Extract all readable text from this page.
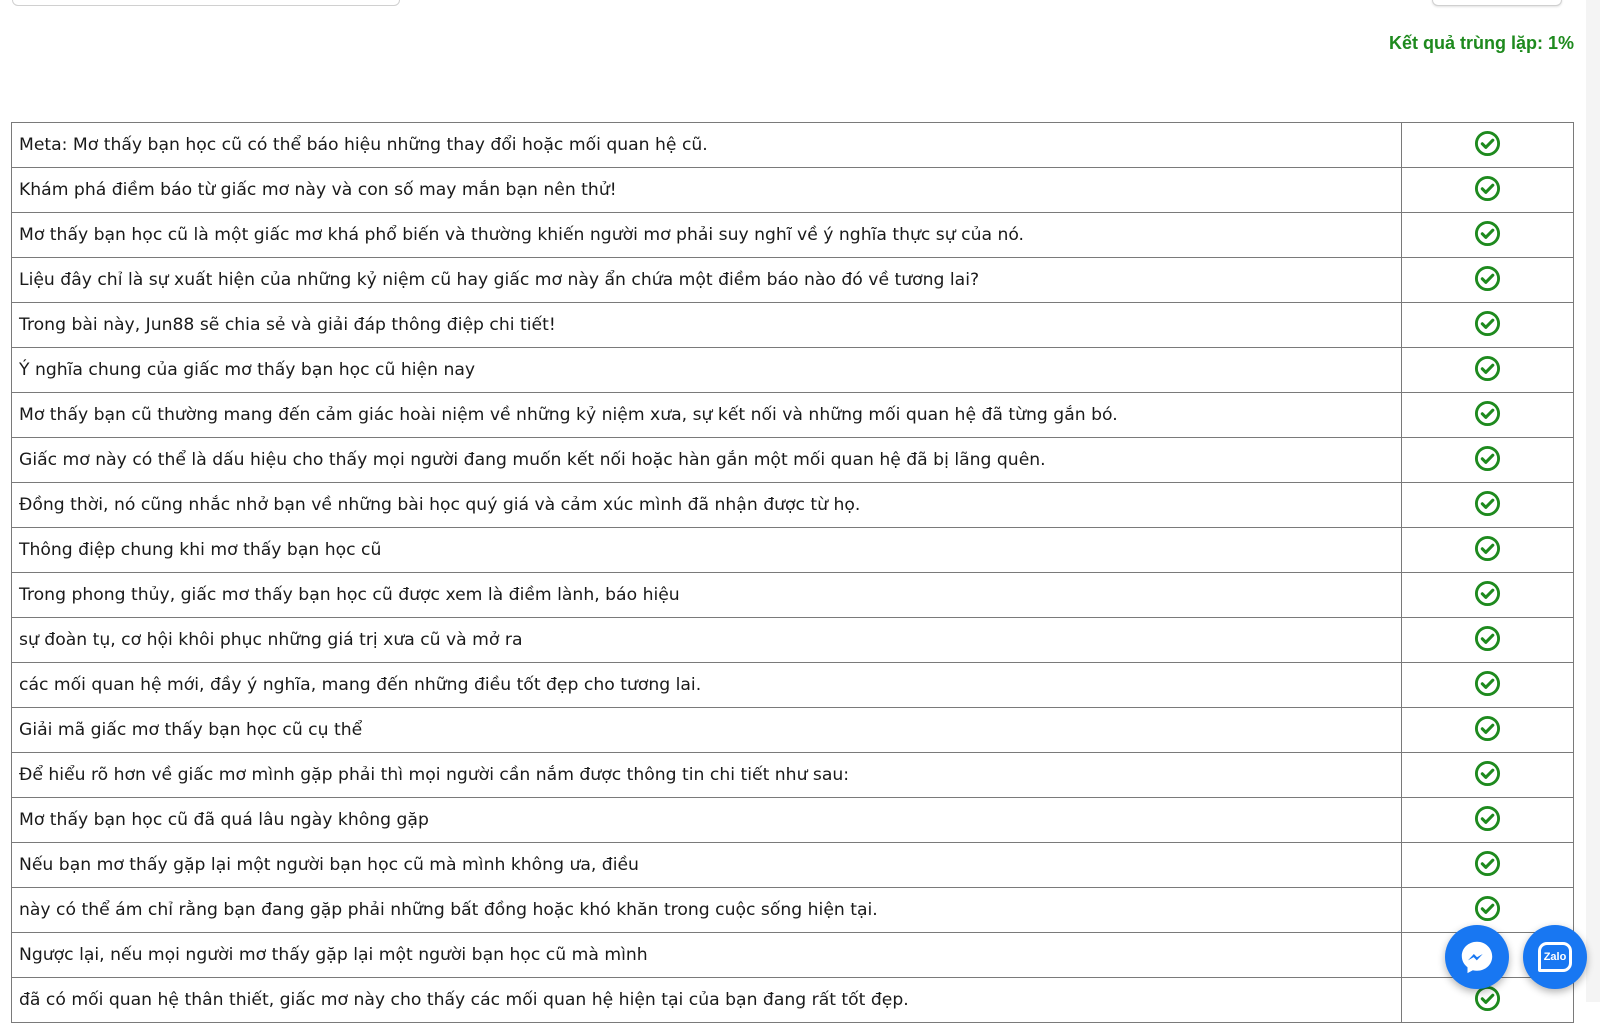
Kết quả trùng lặp: 1%
Meta: Mơ thấy bạn học cũ có thể báo hiệu những thay đổi hoặc mối quan hệ cũ.	
Khám phá điềm báo từ giấc mơ này và con số may mắn bạn nên thử!	
Mơ thấy bạn học cũ là một giấc mơ khá phổ biến và thường khiến người mơ phải suy nghĩ về ý nghĩa thực sự của nó.	
Liệu đây chỉ là sự xuất hiện của những kỷ niệm cũ hay giấc mơ này ẩn chứa một điềm báo nào đó về tương lai?	
Trong bài này, Jun88 sẽ chia sẻ và giải đáp thông điệp chi tiết!	
Ý nghĩa chung của giấc mơ thấy bạn học cũ hiện nay	
Mơ thấy bạn cũ thường mang đến cảm giác hoài niệm về những kỷ niệm xưa, sự kết nối và những mối quan hệ đã từng gắn bó.	
Giấc mơ này có thể là dấu hiệu cho thấy mọi người đang muốn kết nối hoặc hàn gắn một mối quan hệ đã bị lãng quên.	
Đồng thời, nó cũng nhắc nhở bạn về những bài học quý giá và cảm xúc mình đã nhận được từ họ.	
Thông điệp chung khi mơ thấy bạn học cũ	
Trong phong thủy, giấc mơ thấy bạn học cũ được xem là điềm lành, báo hiệu	
sự đoàn tụ, cơ hội khôi phục những giá trị xưa cũ và mở ra	
các mối quan hệ mới, đầy ý nghĩa, mang đến những điều tốt đẹp cho tương lai.	
Giải mã giấc mơ thấy bạn học cũ cụ thể	
Để hiểu rõ hơn về giấc mơ mình gặp phải thì mọi người cần nắm được thông tin chi tiết như sau:	
Mơ thấy bạn học cũ đã quá lâu ngày không gặp	
Nếu bạn mơ thấy gặp lại một người bạn học cũ mà mình không ưa, điều	
này có thể ám chỉ rằng bạn đang gặp phải những bất đồng hoặc khó khăn trong cuộc sống hiện tại.	
Ngược lại, nếu mọi người mơ thấy gặp lại một người bạn học cũ mà mình	
đã có mối quan hệ thân thiết, giấc mơ này cho thấy các mối quan hệ hiện tại của bạn đang rất tốt đẹp.	
Zalo
